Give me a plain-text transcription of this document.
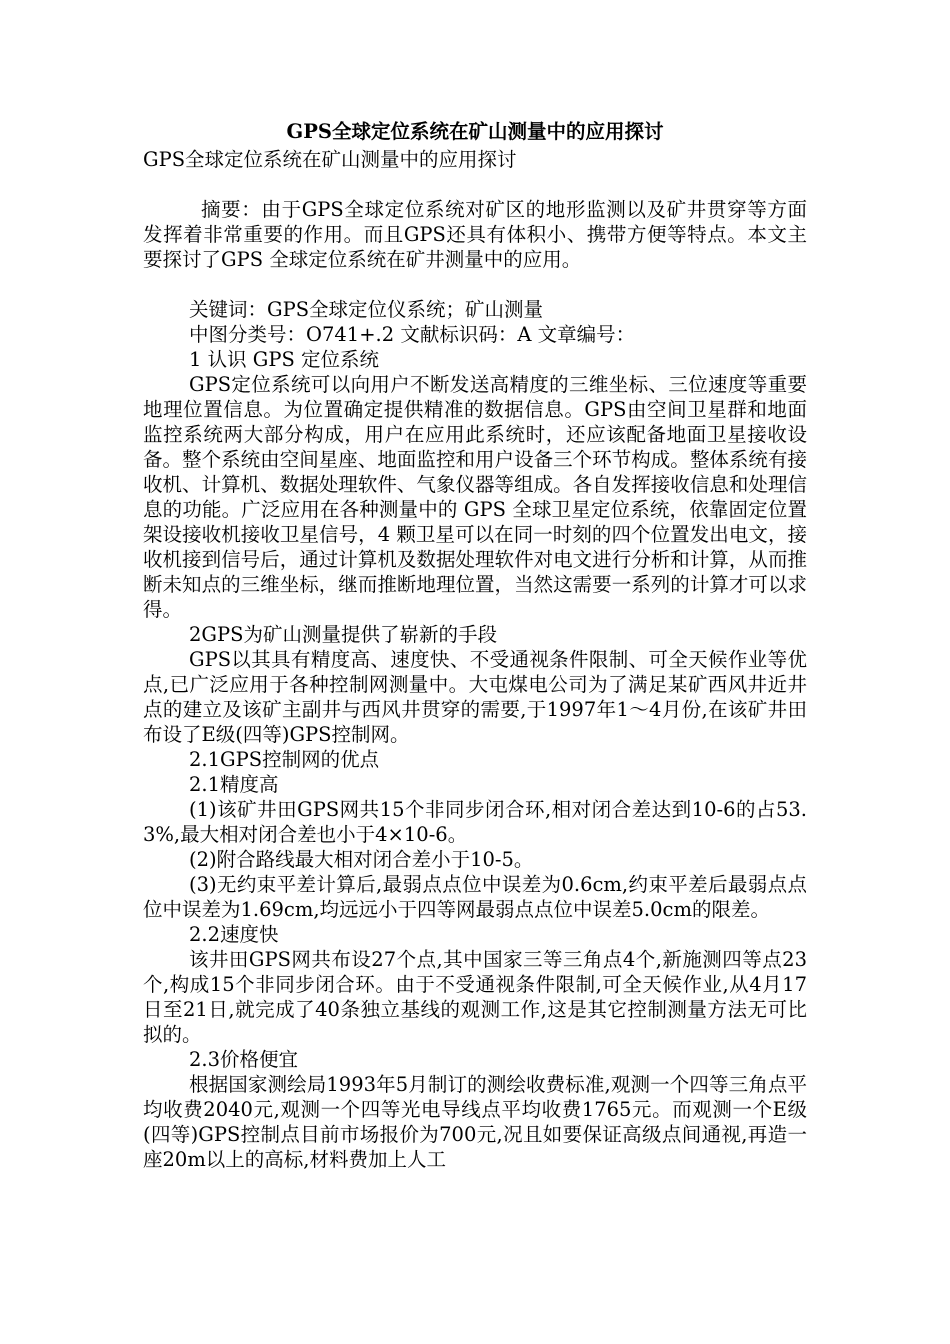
GPS全球定位系统在矿山测量中的应用探讨

GPS全球定位系统在矿山测量中的应用探讨

摘要：由于GPS全球定位系统对矿区的地形监测以及矿井贯穿等方面发挥着非常重要的作用。而且GPS还具有体积小、携带方便等特点。本文主要探讨了GPS 全球定位系统在矿井测量中的应用。

关键词：GPS全球定位仪系统；矿山测量

中图分类号：O741+.2 文献标识码：A 文章编号：

1 认识 GPS 定位系统

GPS定位系统可以向用户不断发送高精度的三维坐标、三位速度等重要地理位置信息。为位置确定提供精准的数据信息。GPS由空间卫星群和地面监控系统两大部分构成，用户在应用此系统时，还应该配备地面卫星接收设备。整个系统由空间星座、地面监控和用户设备三个环节构成。整体系统有接收机、计算机、数据处理软件、气象仪器等组成。各自发挥接收信息和处理信息的功能。广泛应用在各种测量中的 GPS 全球卫星定位系统，依靠固定位置架设接收机接收卫星信号，4 颗卫星可以在同一时刻的四个位置发出电文，接收机接到信号后，通过计算机及数据处理软件对电文进行分析和计算，从而推断未知点的三维坐标，继而推断地理位置，当然这需要一系列的计算才可以求得。

2GPS为矿山测量提供了崭新的手段

GPS以其具有精度高、速度快、不受通视条件限制、可全天候作业等优点,已广泛应用于各种控制网测量中。大屯煤电公司为了满足某矿西风井近井点的建立及该矿主副井与西风井贯穿的需要,于1997年1～4月份,在该矿井田布设了E级(四等)GPS控制网。

2.1GPS控制网的优点

2.1精度高

(1)该矿井田GPS网共15个非同步闭合环,相对闭合差达到10-6的占53.3%,最大相对闭合差也小于4×10-6。

(2)附合路线最大相对闭合差小于10-5。

(3)无约束平差计算后,最弱点点位中误差为0.6cm,约束平差后最弱点点位中误差为1.69cm,均远远小于四等网最弱点点位中误差5.0cm的限差。

2.2速度快

该井田GPS网共布设27个点,其中国家三等三角点4个,新施测四等点23个,构成15个非同步闭合环。由于不受通视条件限制,可全天候作业,从4月17日至21日,就完成了40条独立基线的观测工作,这是其它控制测量方法无可比拟的。

2.3价格便宜

根据国家测绘局1993年5月制订的测绘收费标准,观测一个四等三角点平均收费2040元,观测一个四等光电导线点平均收费1765元。而观测一个E级(四等)GPS控制点目前市场报价为700元,况且如要保证高级点间通视,再造一座20m以上的高标,材料费加上人工
